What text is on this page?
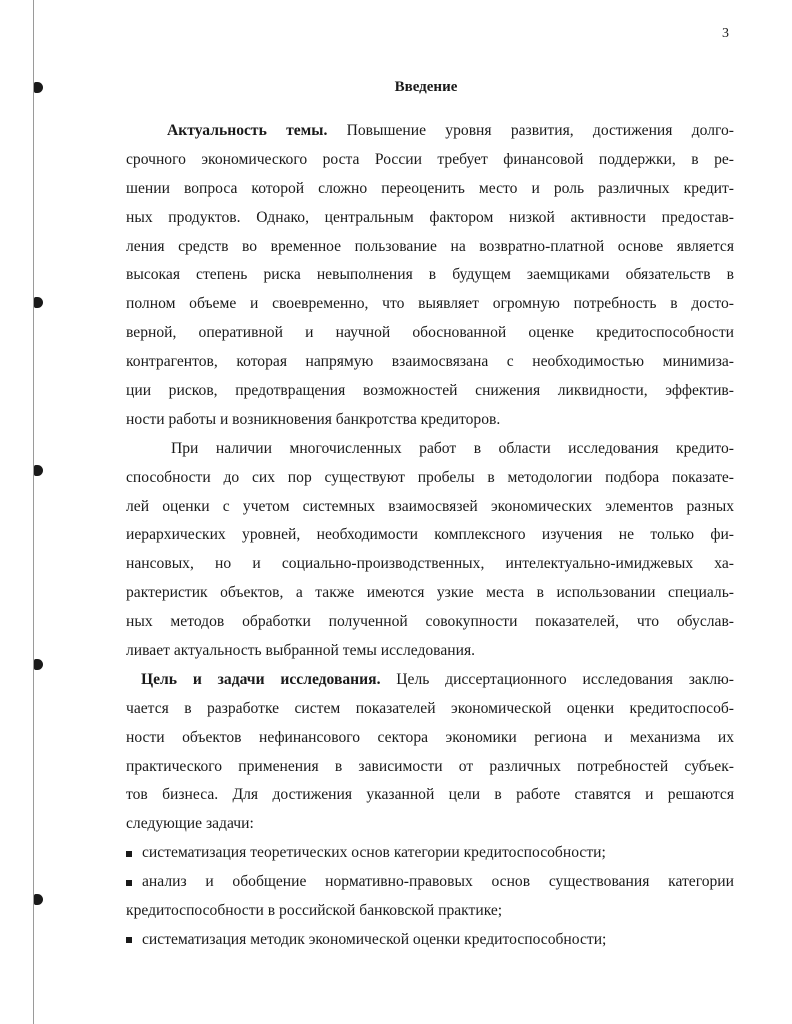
3
Введение
Актуальность темы. Повышение уровня развития, достижения долго-
срочного экономического роста России требует финансовой поддержки, в ре-
шении вопроса которой сложно переоценить место и роль различных кредит-
ных продуктов. Однако, центральным фактором низкой активности предостав-
ления средств во временное пользование на возвратно-платной основе является
высокая степень риска невыполнения в будущем заемщиками обязательств в
полном объеме и своевременно, что выявляет огромную потребность в досто-
верной, оперативной и научной обоснованной оценке кредитоспособности
контрагентов, которая напрямую взаимосвязана с необходимостью минимиза-
ции рисков, предотвращения возможностей снижения ликвидности, эффектив-
ности работы и возникновения банкротства кредиторов.
При наличии многочисленных работ в области исследования кредито-
способности до сих пор существуют пробелы в методологии подбора показате-
лей оценки с учетом системных взаимосвязей экономических элементов разных
иерархических уровней, необходимости комплексного изучения не только фи-
нансовых, но и социально-производственных, интелектуально-имиджевых ха-
рактеристик объектов, а также имеются узкие места в использовании специаль-
ных методов обработки полученной совокупности показателей, что обуслав-
ливает актуальность выбранной темы исследования.
Цель и задачи исследования. Цель диссертационного исследования заклю-
чается в разработке систем показателей экономической оценки кредитоспособ-
ности объектов нефинансового сектора экономики региона и механизма их
практического применения в зависимости от различных потребностей субъек-
тов бизнеса. Для достижения указанной цели в работе ставятся и решаются
следующие задачи:
систематизация теоретических основ категории кредитоспособности;
анализ и обобщение нормативно-правовых основ существования категории
кредитоспособности в российской банковской практике;
систематизация методик экономической оценки кредитоспособности;
